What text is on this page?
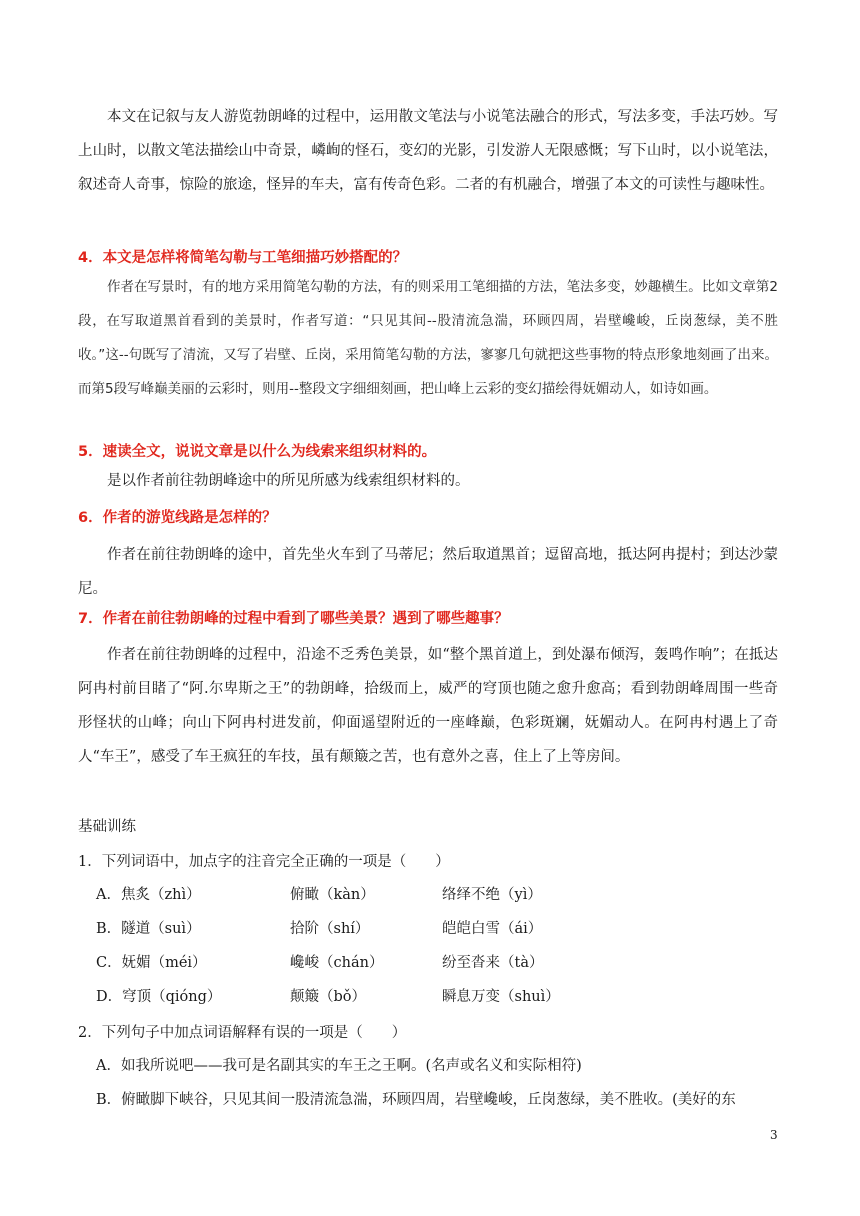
本文在记叙与友人游览勃朗峰的过程中，运用散文笔法与小说笔法融合的形式，写法多变，手法巧妙。写上山时，以散文笔法描绘山中奇景，嶙峋的怪石，变幻的光影，引发游人无限感慨；写下山时，以小说笔法，叙述奇人奇事，惊险的旅途，怪异的车夫，富有传奇色彩。二者的有机融合，增强了本文的可读性与趣味性。
4．本文是怎样将简笔勾勒与工笔细描巧妙搭配的？
作者在写景时，有的地方采用简笔勾勒的方法，有的则采用工笔细描的方法，笔法多变，妙趣横生。比如文章第2段，在写取道黑首看到的美景时，作者写道：“只见其间--股清流急湍，环顾四周，岩壁巉峻，丘岗葱绿，美不胜收。”这--句既写了清流，又写了岩壁、丘岗，采用简笔勾勒的方法，寥寥几句就把这些事物的特点形象地刻画了出来。而第5段写峰巅美丽的云彩时，则用--整段文字细细刻画，把山峰上云彩的变幻描绘得妩媚动人，如诗如画。
5．速读全文，说说文章是以什么为线索来组织材料的。
是以作者前往勃朗峰途中的所见所感为线索组织材料的。
6．作者的游览线路是怎样的？
作者在前往勃朗峰的途中，首先坐火车到了马蒂尼；然后取道黑首；逗留高地，抵达阿冉提村；到达沙蒙尼。
7．作者在前往勃朗峰的过程中看到了哪些美景？遇到了哪些趣事？
作者在前往勃朗峰的过程中，沿途不乏秀色美景，如“整个黑首道上，到处瀑布倾泻，轰鸣作响”；在抵达阿冉村前目睹了“阿.尔卑斯之王”的勃朗峰，拾级而上，威严的穹顶也随之愈升愈高；看到勃朗峰周围一些奇形怪状的山峰；向山下阿冉村进发前，仰面遥望附近的一座峰巅，色彩斑斓，妩媚动人。在阿冉村遇上了奇人“车王”，感受了车王疯狂的车技，虽有颠簸之苦，也有意外之喜，住上了上等房间。
基础训练
1．下列词语中，加点字的注音完全正确的一项是（　　）
A．焦炙（zhì）	俯瞰（kàn）	络绎不绝（yì）
B．隧道（suì）	拾阶（shí）	皑皑白雪（ái）
C．妩媚（méi）	巉峻（chán）	纷至沓来（tà）
D．穹顶（qióng）	颠簸（bǒ）	瞬息万变（shuì）
2．下列句子中加点词语解释有误的一项是（　　）
A．如我所说吧——我可是名副其实的车王之王啊。(名声或名义和实际相符)
B．俯瞰脚下峡谷，只见其间一股清流急湍，环顾四周，岩壁巉峻，丘岗葱绿，美不胜收。(美好的东
3
